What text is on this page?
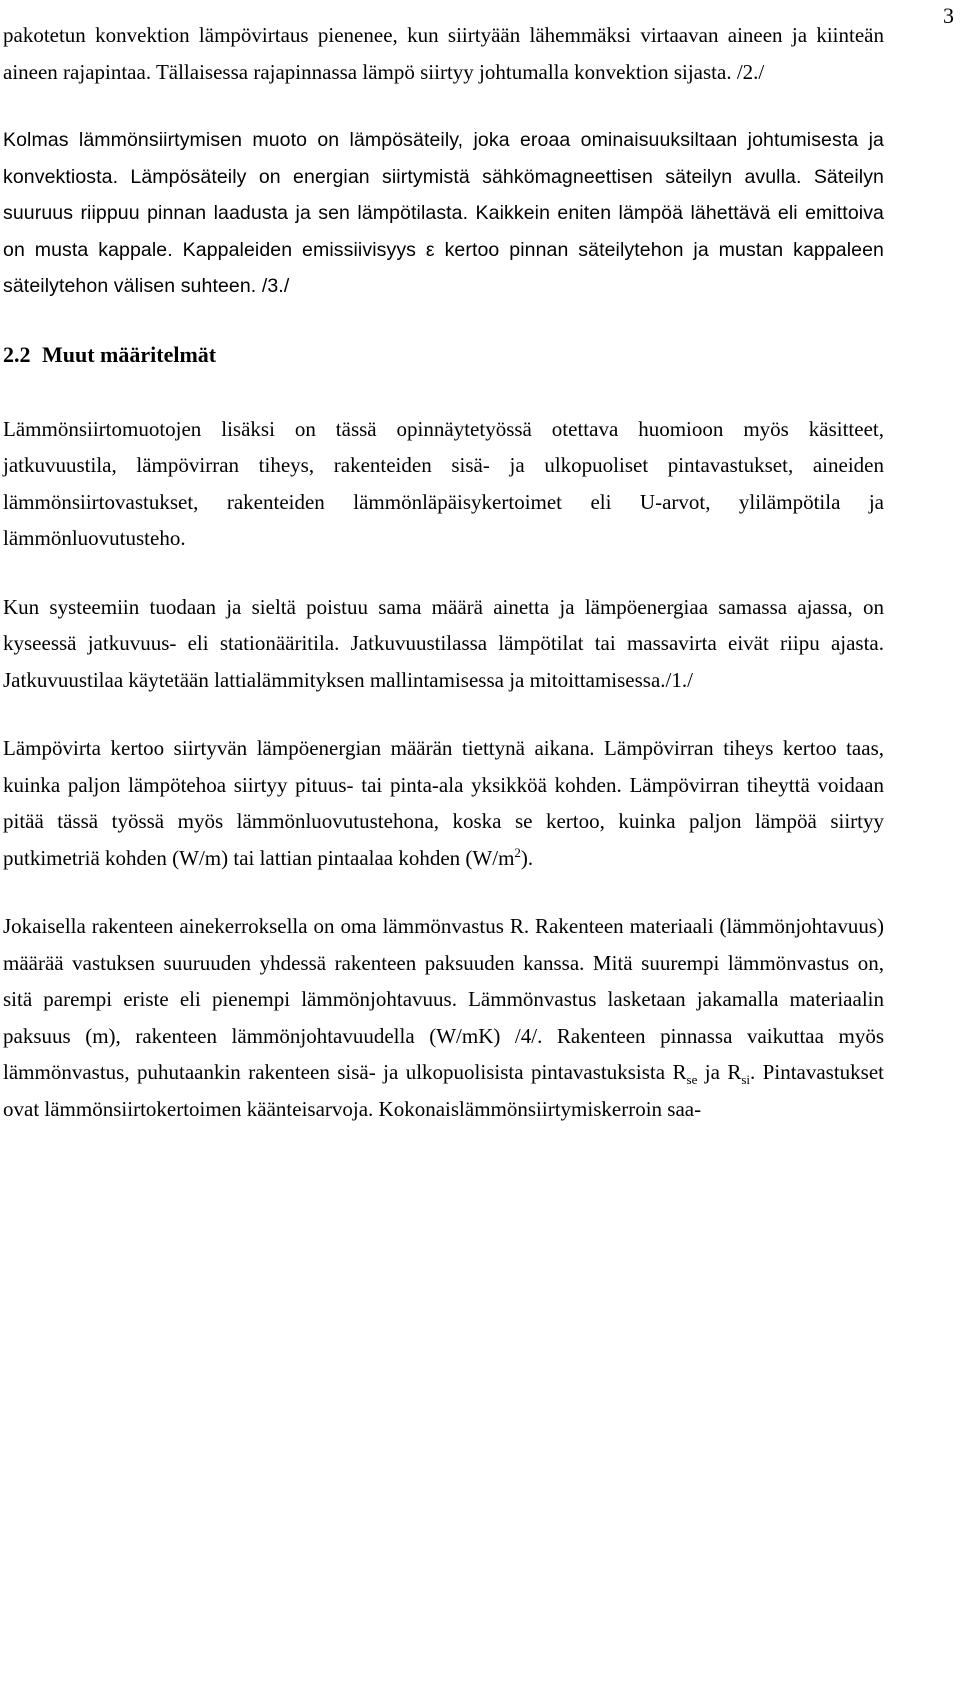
3

pakotetun konvektion lämpövirtaus pienenee, kun siirtyään lähemmäksi virtaavan aineen ja kiinteän aineen rajapintaa. Tällaisessa rajapinnassa lämpö siirtyy johtumalla konvektion sijasta. /2./

Kolmas lämmönsiirtymisen muoto on lämpösäteily, joka eroaa ominaisuuksiltaan johtumisesta ja konvektiosta. Lämpösäteily on energian siirtymistä sähkömagneettisen säteilyn avulla. Säteilyn suuruus riippuu pinnan laadusta ja sen lämpötilasta. Kaikkein eniten lämpöä lähettävä eli emittoiva on musta kappale. Kappaleiden emissiivisyys ε kertoo pinnan säteilytehon ja mustan kappaleen säteilytehon välisen suhteen. /3./

2.2 Muut määritelmät

Lämmönsiirtomuotojen lisäksi on tässä opinnäytetyössä otettava huomioon myös käsitteet, jatkuvuustila, lämpövirran tiheys, rakenteiden sisä- ja ulkopuoliset pintavastukset, aineiden lämmönsiirtovastukset, rakenteiden lämmönläpäisykertoimet eli U-arvot, ylilämpötila ja lämmönluovutusteho.

Kun systeemiin tuodaan ja sieltä poistuu sama määrä ainetta ja lämpöenergiaa samassa ajassa, on kyseessä jatkuvuus- eli stationääritila. Jatkuvuustilassa lämpötilat tai massavirta eivät riipu ajasta. Jatkuvuustilaa käytetään lattialämmityksen mallintamisessa ja mitoittamisessa./1./

Lämpövirta kertoo siirtyvän lämpöenergian määrän tiettynä aikana. Lämpövirran tiheys kertoo taas, kuinka paljon lämpötehoa siirtyy pituus- tai pinta-ala yksikköä kohden. Lämpövirran tiheyttä voidaan pitää tässä työssä myös lämmönluovutustehona, koska se kertoo, kuinka paljon lämpöä siirtyy putkimetriä kohden (W/m) tai lattian pintaalaa kohden $(W/m^2)$.

Jokaisella rakenteen ainekerroksella on oma lämmönvastus R. Rakenteen materiaali (lämmönjohtavuus) määrää vastuksen suuruuden yhdessä rakenteen paksuuden kanssa. Mitä suurempi lämmönvastus on, sitä parempi eriste eli pienempi lämmönjohtavuus. Lämmönvastus lasketaan jakamalla materiaalin paksuus (m), rakenteen lämmönjohtavuudella (W/mK) /4/. Rakenteen pinnassa vaikuttaa myös lämmönvastus, puhutaankin rakenteen sisä- ja ulkopuolisista pintavastuksista $R_{se}$ ja $R_{si}$. Pintavastukset ovat lämmönsiirtokertoimen käänteisarvoja. Kokonaislämmönsiirtymiskerroin saa-
